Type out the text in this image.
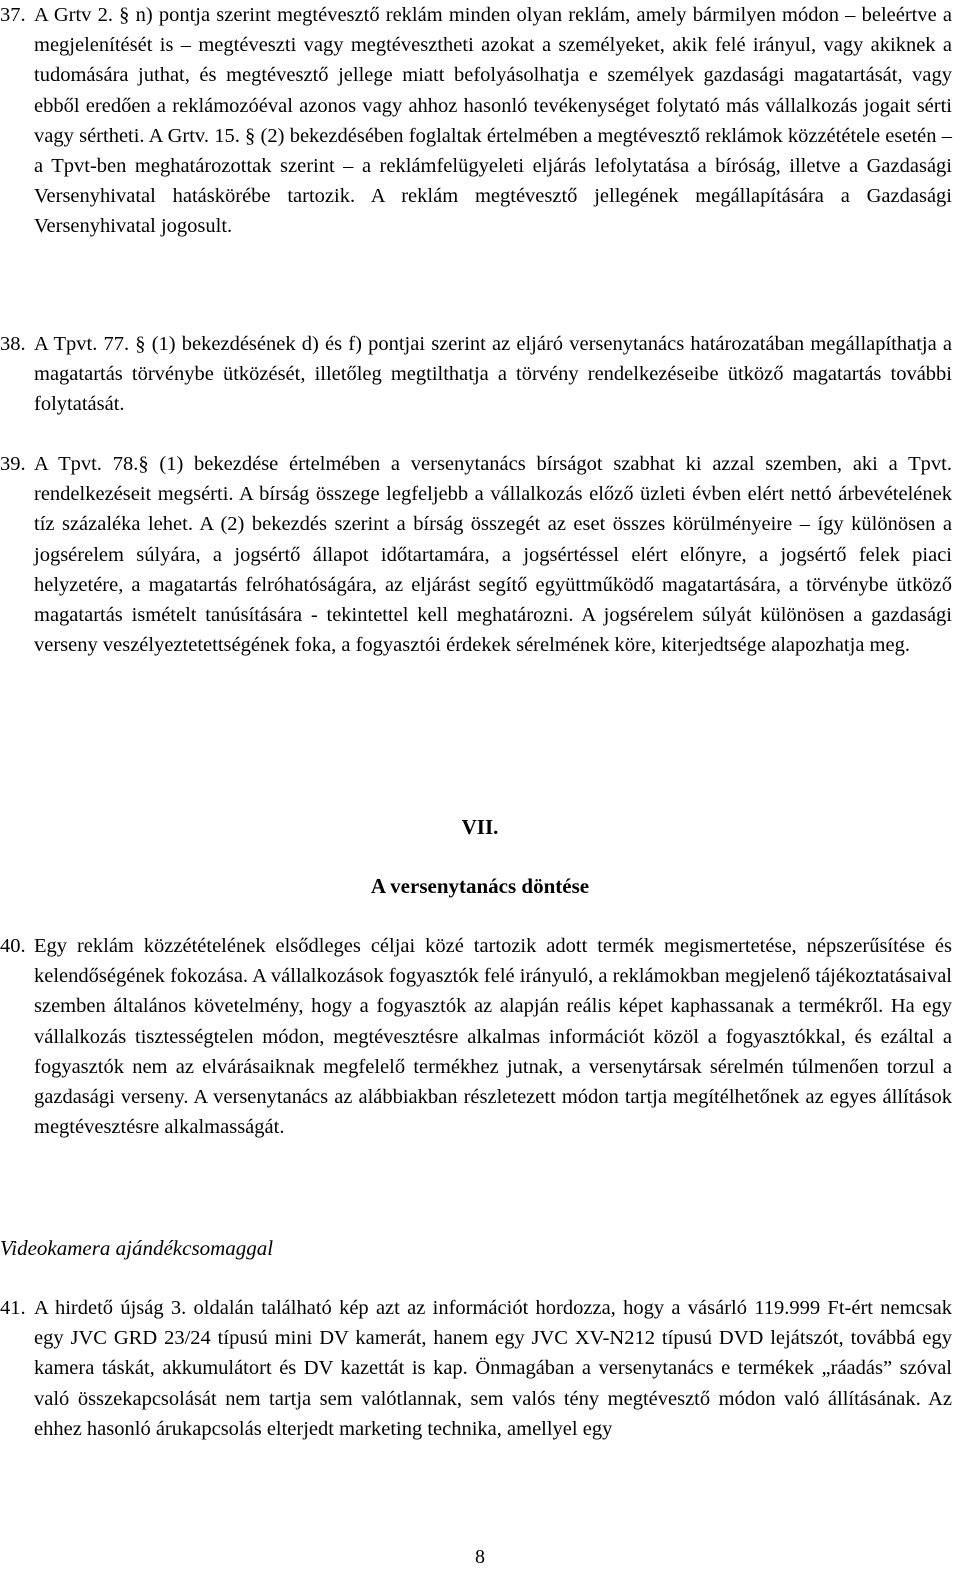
37. A Grtv 2. § n) pontja szerint megtévesztő reklám minden olyan reklám, amely bármilyen módon – beleértve a megjelenítését is – megtéveszti vagy megtévesztheti azokat a személyeket, akik felé irányul, vagy akiknek a tudomására juthat, és megtévesztő jellege miatt befolyásolhatja e személyek gazdasági magatartását, vagy ebből eredően a reklámozóéval azonos vagy ahhoz hasonló tevékenységet folytató más vállalkozás jogait sérti vagy sértheti. A Grtv. 15. § (2) bekezdésében foglaltak értelmében a megtévesztő reklámok közzététele esetén – a Tpvt-ben meghatározottak szerint – a reklámfelügyeleti eljárás lefolytatása a bíróság, illetve a Gazdasági Versenyhivatal hatáskörébe tartozik. A reklám megtévesztő jellegének megállapítására a Gazdasági Versenyhivatal jogosult.
38. A Tpvt. 77. § (1) bekezdésének d) és f) pontjai szerint az eljáró versenytanács határozatában megállapíthatja a magatartás törvénybe ütközését, illetőleg megtilthatja a törvény rendelkezéseibe ütköző magatartás további folytatását.
39. A Tpvt. 78.§ (1) bekezdése értelmében a versenytanács bírságot szabhat ki azzal szemben, aki a Tpvt. rendelkezéseit megsérti. A bírság összege legfeljebb a vállalkozás előző üzleti évben elért nettó árbevételének tíz százaléka lehet. A (2) bekezdés szerint a bírság összegét az eset összes körülményeire – így különösen a jogsérelem súlyára, a jogsértő állapot időtartamára, a jogsértéssel elért előnyre, a jogsértő felek piaci helyzetére, a magatartás felróhatóságára, az eljárást segítő együttműködő magatartására, a törvénybe ütköző magatartás ismételt tanúsítására - tekintettel kell meghatározni. A jogsérelem súlyát különösen a gazdasági verseny veszélyeztetettségének foka, a fogyasztói érdekek sérelmének köre, kiterjedtsége alapozhatja meg.
VII.
A versenytanács döntése
40. Egy reklám közzétételének elsődleges céljai közé tartozik adott termék megismertetése, népszerűsítése és kelendőségének fokozása. A vállalkozások fogyasztók felé irányuló, a reklámokban megjelenő tájékoztatásaival szemben általános követelmény, hogy a fogyasztók az alapján reális képet kaphassanak a termékről. Ha egy vállalkozás tisztességtelen módon, megtévesztésre alkalmas információt közöl a fogyasztókkal, és ezáltal a fogyasztók nem az elvárásaiknak megfelelő termékhez jutnak, a versenytársak sérelmén túlmenően torzul a gazdasági verseny. A versenytanács az alábbiakban részletezett módon tartja megítélhetőnek az egyes állítások megtévesztésre alkalmasságát.
Videokamera ajándékcsomaggal
41. A hirdető újság 3. oldalán található kép azt az információt hordozza, hogy a vásárló 119.999 Ft-ért nemcsak egy JVC GRD 23/24 típusú mini DV kamerát, hanem egy JVC XV-N212 típusú DVD lejátszót, továbbá egy kamera táskát, akkumulátort és DV kazettát is kap. Önmagában a versenytanács e termékek „ráadás” szóval való összekapcsolását nem tartja sem valótlannak, sem valós tény megtévesztő módon való állításának. Az ehhez hasonló árukapcsolás elterjedt marketing technika, amellyel egy
8
